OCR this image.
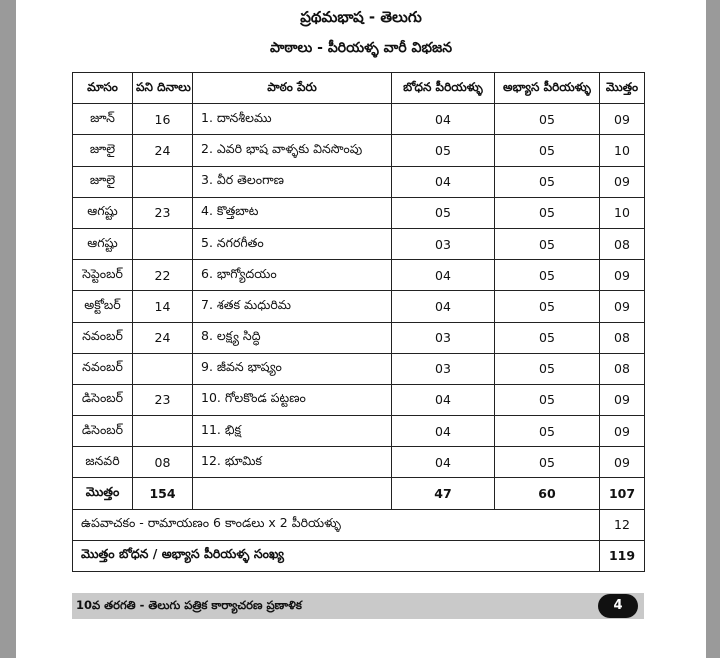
ప్రథమభాష - తెలుగు
పాఠాలు - పీరియళ్ళ వారీ విభజన
మాసం	పని దినాలు	పాఠం పేరు	బోధన పీరియళ్ళు	అభ్యాస పీరియళ్ళు	మొత్తం
జూన్	16	1. దానశీలము	04	05	09
జూలై	24	2. ఎవరి భాష వాళ్ళకు వినసొంపు	05	05	10
జూలై		3. వీర తెలంగాణ	04	05	09
ఆగష్టు	23	4. కొత్తబాట	05	05	10
ఆగష్టు		5. నగరగీతం	03	05	08
సెప్టెంబర్	22	6. భాగ్యోదయం	04	05	09
అక్టోబర్	14	7. శతక మధురిమ	04	05	09
నవంబర్	24	8. లక్ష్య సిద్ధి	03	05	08
నవంబర్		9. జీవన భాష్యం	03	05	08
డిసెంబర్	23	10. గోలకొండ పట్టణం	04	05	09
డిసెంబర్		11. భిక్ష	04	05	09
జనవరి	08	12. భూమిక	04	05	09
మొత్తం	154		47	60	107
ఉపవాచకం - రామాయణం 6 కాండలు x 2 పీరియళ్ళు					12
మొత్తం బోధన / అభ్యాస పీరియళ్ళ సంఖ్య					119
10వ తరగతి - తెలుగు పత్రిక కార్యాచరణ ప్రణాళిక	4
